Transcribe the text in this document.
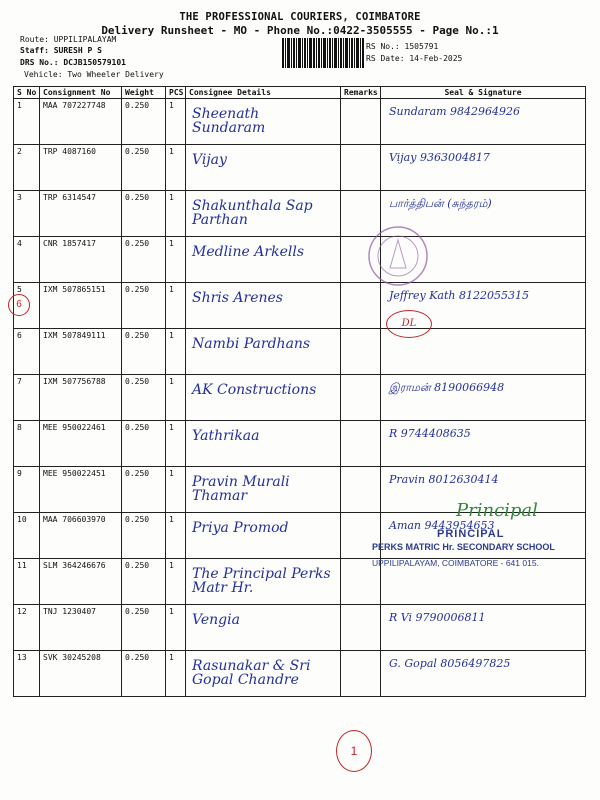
THE PROFESSIONAL COURIERS, COIMBATORE
Delivery Runsheet - MO - Phone No.:0422-3505555 - Page No.:1
Route: UPPILIPALAYAM
Staff: SURESH P S
DRS No.: DCJB150579101
Vehicle: Two Wheeler Delivery
RS No.: 1505791
RS Date: 14-Feb-2025
S No	Consignment No	Weight	PCS	Consignee Details	Remarks	Seal & Signature
1	MAA 707227748	0.250	1	Sheenath Sundaram		Sundaram 9842964926
2	TRP 4087160	0.250	1	Vijay		Vijay 9363004817
3	TRP 6314547	0.250	1	Shakunthala Sap Parthan		பார்த்திபன் (சுந்தரம்)
4	CNR 1857417	0.250	1	Medline Arkells		
5	IXM 507865151	0.250	1	Shris Arenes		Jeffrey Kath 8122055315
6	IXM 507849111	0.250	1	Nambi Pardhans		
7	IXM 507756788	0.250	1	AK Constructions		இராமன் 8190066948
8	MEE 950022461	0.250	1	Yathrikaa		R 9744408635
9	MEE 950022451	0.250	1	Pravin Murali Thamar		Pravin 8012630414
10	MAA 706603970	0.250	1	Priya Promod		Aman 9443954653
11	SLM 364246676	0.250	1	The Principal Perks Matr Hr.		
12	TNJ 1230407	0.250	1	Vengia		R Vi 9790006811
13	SVK 30245208	0.250	1	Rasunakar & Sri Gopal Chandre		G. Gopal 8056497825
6
DL
PRINCIPAL
PERKS MATRIC Hr. SECONDARY SCHOOL
UPPILIPALAYAM, COIMBATORE - 641 015.
Principal
1
